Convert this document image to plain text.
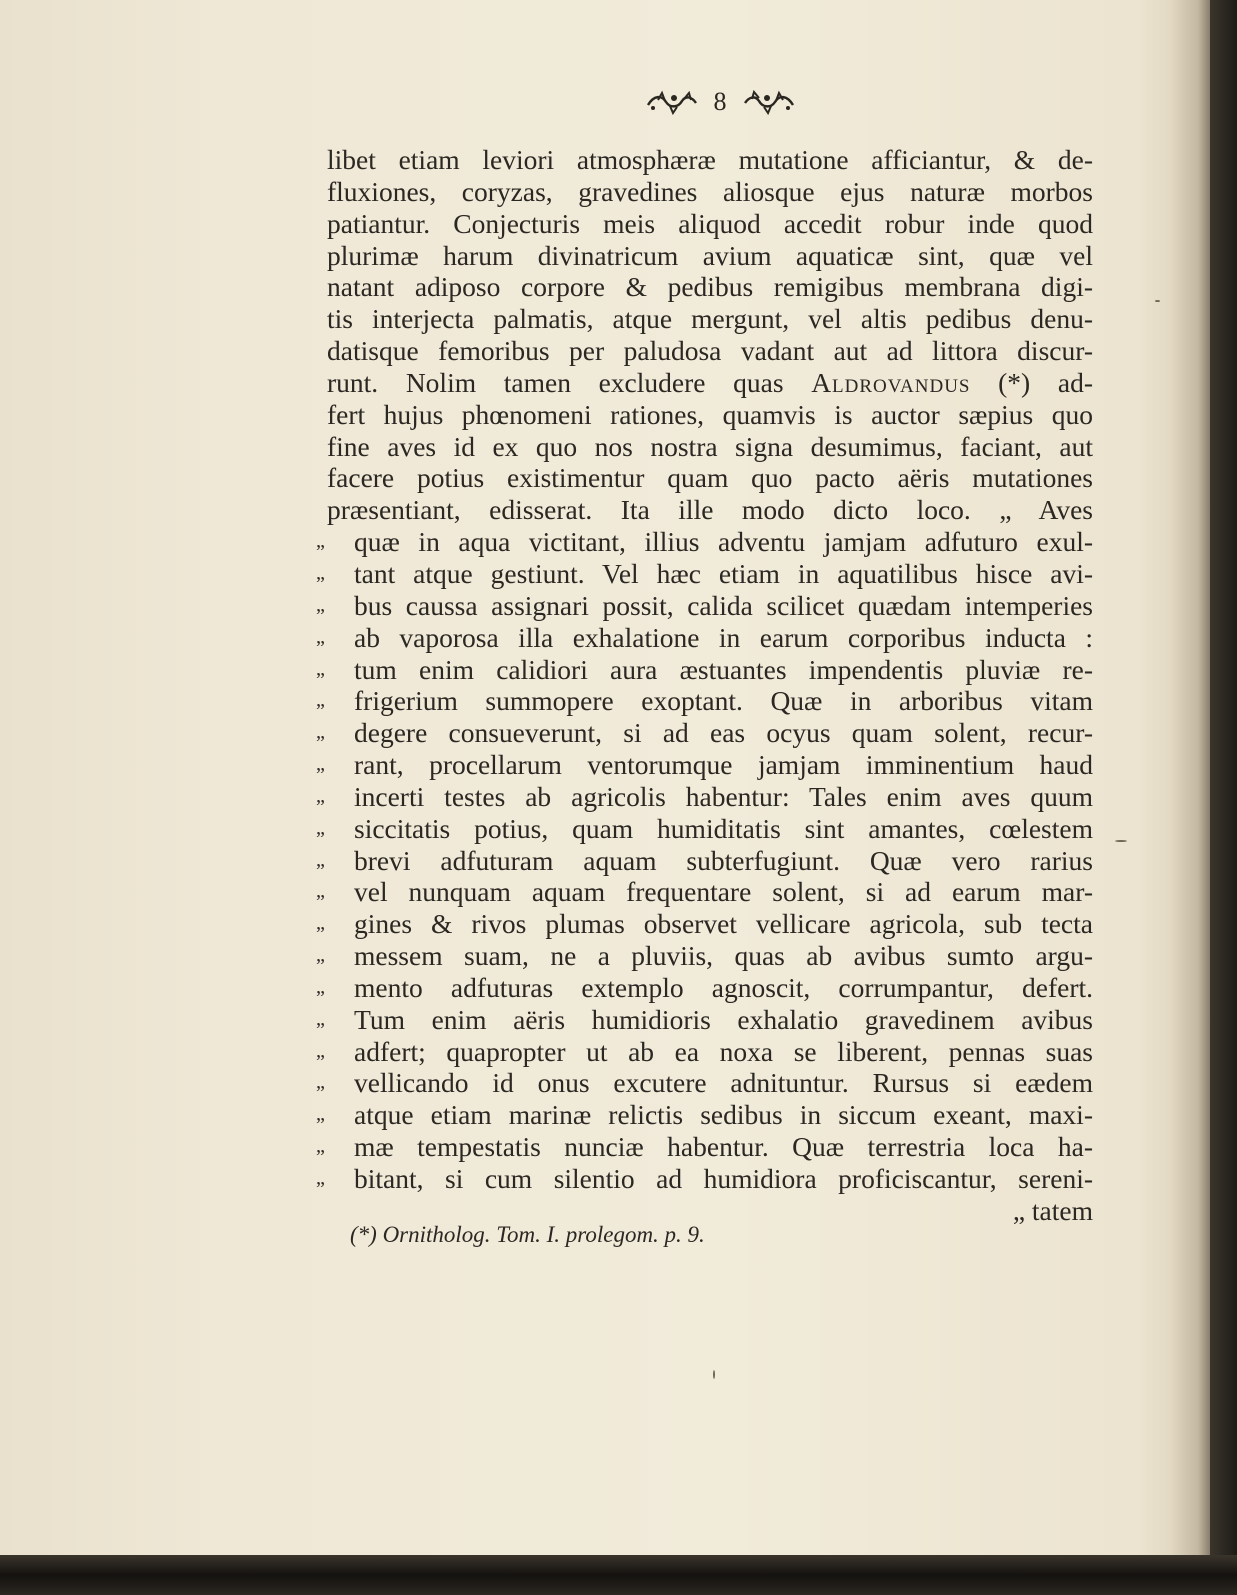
8
libet etiam leviori atmosphæræ mutatione afficiantur, & de-
fluxiones, coryzas, gravedines aliosque ejus naturæ morbos
patiantur. Conjecturis meis aliquod accedit robur inde quod
plurimæ harum divinatricum avium aquaticæ sint, quæ vel
natant adiposo corpore & pedibus remigibus membrana digi-
tis interjecta palmatis, atque mergunt, vel altis pedibus denu-
datisque femoribus per paludosa vadant aut ad littora discur-
runt. Nolim tamen excludere quas Aldrovandus (*) ad-
fert hujus phœnomeni rationes, quamvis is auctor sæpius quo
fine aves id ex quo nos nostra signa desumimus, faciant, aut
facere potius existimentur quam quo pacto aëris mutationes
præsentiant, edisserat. Ita ille modo dicto loco. „ Aves
„	quæ in aqua victitant, illius adventu jamjam adfuturo exul-
„	tant atque gestiunt. Vel hæc etiam in aquatilibus hisce avi-
„	bus caussa assignari possit, calida scilicet quædam intemperies
„	ab vaporosa illa exhalatione in earum corporibus inducta :
„	tum enim calidiori aura æstuantes impendentis pluviæ re-
„	frigerium summopere exoptant. Quæ in arboribus vitam
„	degere consueverunt, si ad eas ocyus quam solent, recur-
„	rant, procellarum ventorumque jamjam imminentium haud
„	incerti testes ab agricolis habentur: Tales enim aves quum
„	siccitatis potius, quam humiditatis sint amantes, cœlestem
„	brevi adfuturam aquam subterfugiunt. Quæ vero rarius
„	vel nunquam aquam frequentare solent, si ad earum mar-
„	gines & rivos plumas observet vellicare agricola, sub tecta
„	messem suam, ne a pluviis, quas ab avibus sumto argu-
„	mento adfuturas extemplo agnoscit, corrumpantur, defert.
„	Tum enim aëris humidioris exhalatio gravedinem avibus
„	adfert; quapropter ut ab ea noxa se liberent, pennas suas
„	vellicando id onus excutere adnituntur. Rursus si eædem
„	atque etiam marinæ relictis sedibus in siccum exeant, maxi-
„	mæ tempestatis nunciæ habentur. Quæ terrestria loca ha-
„	bitant, si cum silentio ad humidiora proficiscantur, sereni-
„ tatem
(*) Ornitholog. Tom. I. prolegom. p. 9.
